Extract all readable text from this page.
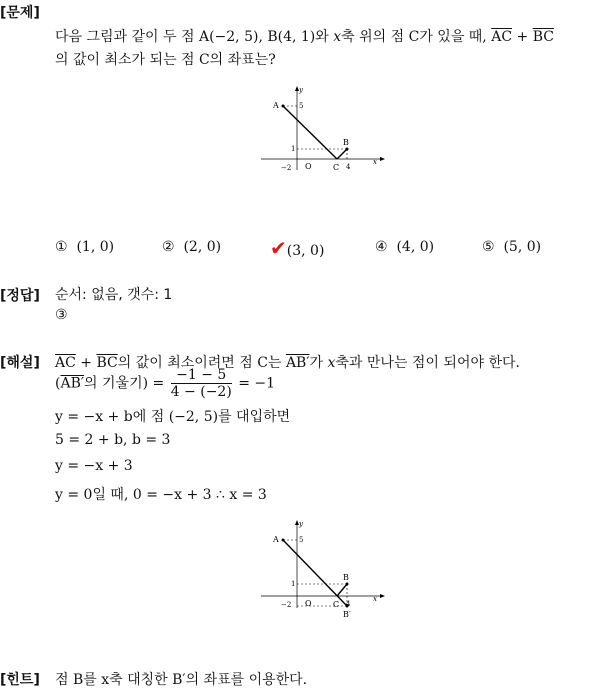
[문제]
다음 그림과 같이 두 점 A(−2, 5), B(4, 1)와 x축 위의 점 C가 있을 때, $\overline{AC} + \overline{BC}$
의 값이 최소가 되는 점 C의 좌표는?
y
A	5
B
1
−2 O	C 4
x
① (1, 0)	② (2, 0) ✔(3, 0)	④ (4, 0)	⑤ (5, 0)
[정답] 순서: 없음, 갯수: 1
③
[해설] $\overline{AC} + \overline{BC}$의 값이 최소이려면 점 C는 AB′가 x축과 만나는 점이 되어야 한다.
(AB′의 기울기) = $\frac{-1 - 5}{4 - (-2)} = -1$
y = −x + b에 점 (−2, 5)를 대입하면
5 = 2 + b, b = 3
y = −x + 3
y = 0일 때, 0 = −x + 3 ∴ x = 3
y
A	5
B
1
−2 O	C 4
B′
x
[힌트] 점 B를 x축 대칭한 B′의 좌표를 이용한다.
